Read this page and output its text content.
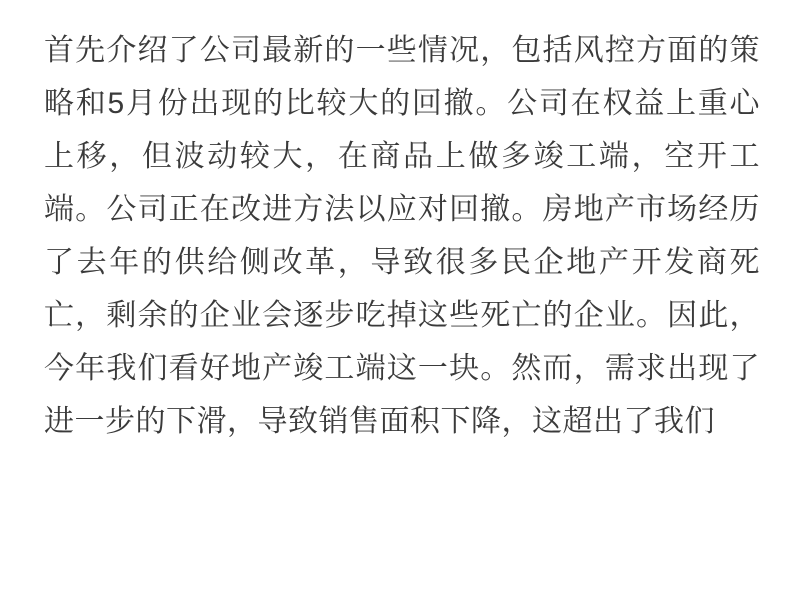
首先介绍了公司最新的一些情况，包括风控方面的策略和5月份出现的比较大的回撤。公司在权益上重心上移，但波动较大，在商品上做多竣工端，空开工端。公司正在改进方法以应对回撤。房地产市场经历了去年的供给侧改革，导致很多民企地产开发商死亡，剩余的企业会逐步吃掉这些死亡的企业。因此，今年我们看好地产竣工端这一块。然而，需求出现了进一步的下滑，导致销售面积下降，这超出了我们
